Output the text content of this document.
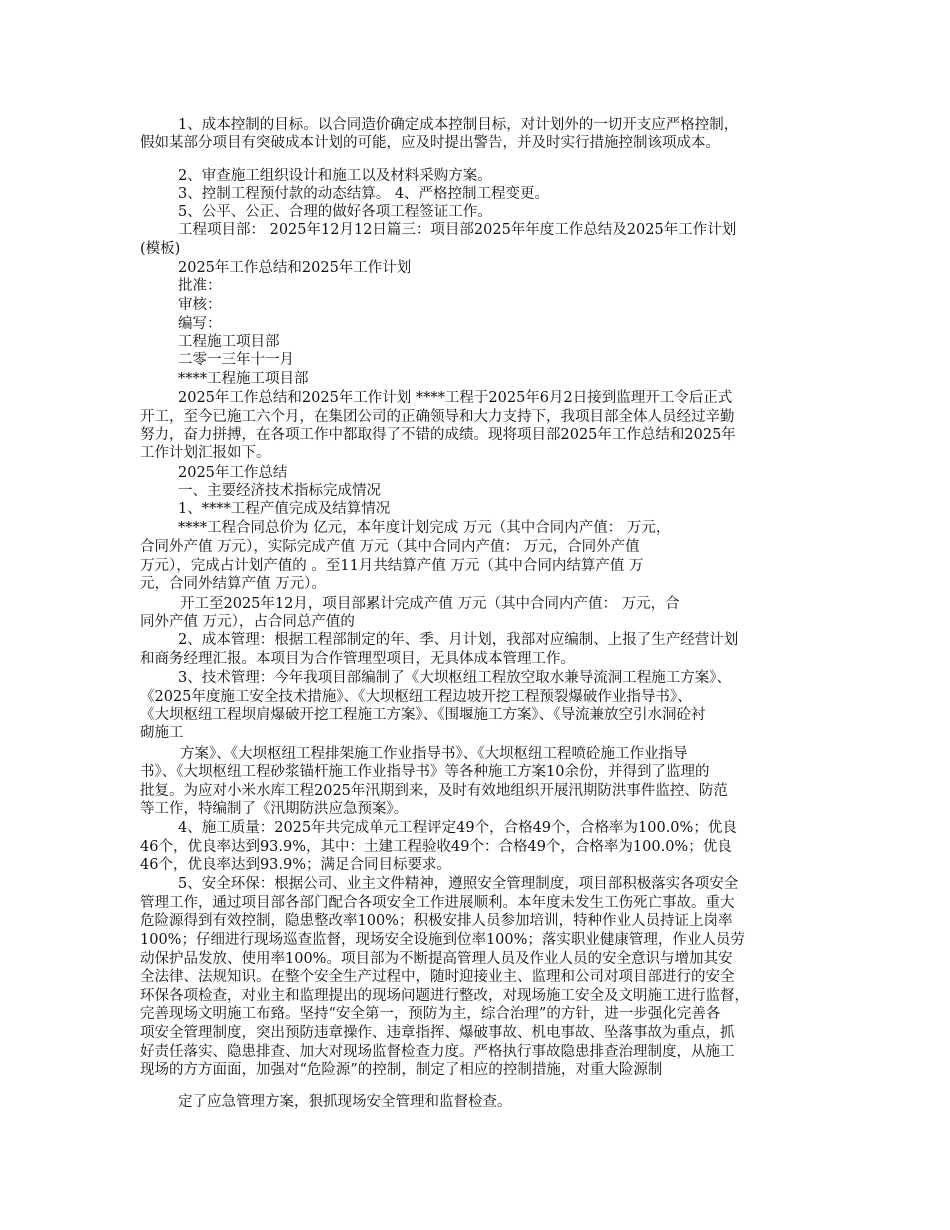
1、成本控制的目标。以合同造价确定成本控制目标，对计划外的一切开支应严格控制，
假如某部分项目有突破成本计划的可能，应及时提出警告，并及时实行措施控制该项成本。
2、审查施工组织设计和施工以及材料采购方案。
3、控制工程预付款的动态结算。 4、严格控制工程变更。
5、公平、公正、合理的做好各项工程签证工作。
工程项目部： 2025年12月12日篇三：项目部2025年年度工作总结及2025年工作计划
(模板)
2025年工作总结和2025年工作计划
批准：
审核：
编写：
工程施工项目部
二零一三年十一月
****工程施工项目部
2025年工作总结和2025年工作计划 ****工程于2025年6月2日接到监理开工令后正式
开工，至今已施工六个月，在集团公司的正确领导和大力支持下，我项目部全体人员经过辛勤
努力，奋力拼搏，在各项工作中都取得了不错的成绩。现将项目部2025年工作总结和2025年
工作计划汇报如下。
2025年工作总结
一、主要经济技术指标完成情况
1、****工程产值完成及结算情况
****工程合同总价为 亿元，本年度计划完成 万元（其中合同内产值： 万元，
合同外产值 万元），实际完成产值 万元（其中合同内产值： 万元，合同外产值
万元），完成占计划产值的 。至11月共结算产值 万元（其中合同内结算产值 万
元，合同外结算产值 万元）。
开工至2025年12月，项目部累计完成产值 万元（其中合同内产值： 万元，合
同外产值 万元），占合同总产值的
2、成本管理：根据工程部制定的年、季、月计划，我部对应编制、上报了生产经营计划
和商务经理汇报。本项目为合作管理型项目，无具体成本管理工作。
3、技术管理：今年我项目部编制了《大坝枢纽工程放空取水兼导流洞工程施工方案》、
《2025年度施工安全技术措施》、《大坝枢纽工程边坡开挖工程预裂爆破作业指导书》、
《大坝枢纽工程坝肩爆破开挖工程施工方案》、《围堰施工方案》、《导流兼放空引水洞砼衬
砌施工
方案》、《大坝枢纽工程排架施工作业指导书》、《大坝枢纽工程喷砼施工作业指导
书》、《大坝枢纽工程砂浆锚杆施工作业指导书》等各种施工方案10余份，并得到了监理的
批复。为应对小米水库工程2025年汛期到来，及时有效地组织开展汛期防洪事件监控、防范
等工作，特编制了《汛期防洪应急预案》。
4、施工质量：2025年共完成单元工程评定49个，合格49个，合格率为100.0%；优良
46个，优良率达到93.9%，其中：土建工程验收49个：合格49个，合格率为100.0%；优良
46个，优良率达到93.9%；满足合同目标要求。
5、安全环保：根据公司、业主文件精神，遵照安全管理制度，项目部积极落实各项安全
管理工作，通过项目部各部门配合各项安全工作进展顺利。本年度未发生工伤死亡事故。重大
危险源得到有效控制，隐患整改率100%；积极安排人员参加培训，特种作业人员持证上岗率
100%；仔细进行现场巡查监督，现场安全设施到位率100%；落实职业健康管理，作业人员劳
动保护品发放、使用率100%。项目部为不断提高管理人员及作业人员的安全意识与增加其安
全法律、法规知识。在整个安全生产过程中，随时迎接业主、监理和公司对项目部进行的安全
环保各项检查，对业主和监理提出的现场问题进行整改，对现场施工安全及文明施工进行监督，
完善现场文明施工布臵。坚持“安全第一，预防为主，综合治理”的方针，进一步强化完善各
项安全管理制度，突出预防违章操作、违章指挥、爆破事故、机电事故、坠落事故为重点，抓
好责任落实、隐患排查、加大对现场监督检查力度。严格执行事故隐患排查治理制度，从施工
现场的方方面面，加强对“危险源”的控制，制定了相应的控制措施，对重大险源制
定了应急管理方案，狠抓现场安全管理和监督检查。
